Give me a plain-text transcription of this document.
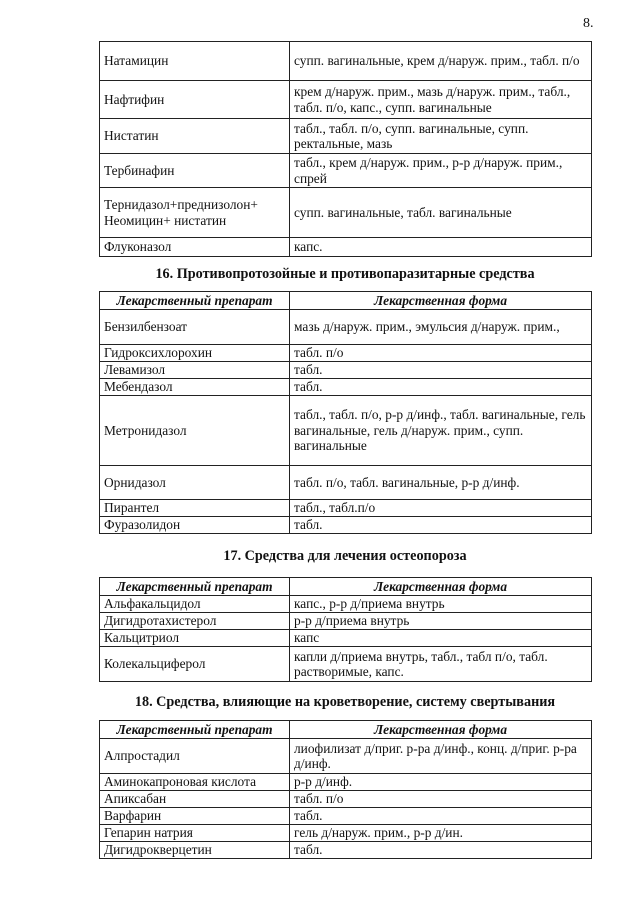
8.
Натамицин	супп. вагинальные, крем д/наруж. прим., табл. п/о
Нафтифин	крем д/наруж. прим., мазь д/наруж. прим., табл., табл. п/о, капс., супп. вагинальные
Нистатин	табл., табл. п/о, супп. вагинальные, супп. ректальные, мазь
Тербинафин	табл., крем д/наруж. прим., р-р д/наруж. прим., спрей
Тернидазол+преднизолон+ Неомицин+ нистатин	супп. вагинальные, табл. вагинальные
Флуконазол	капс.
16. Противопротозойные и противопаразитарные средства
Лекарственный препарат	Лекарственная форма
Бензилбензоат	мазь д/наруж. прим., эмульсия д/наруж. прим.,
Гидроксихлорохин	табл. п/о
Левамизол	табл.
Мебендазол	табл.
Метронидазол	табл., табл. п/о, р-р д/инф., табл. вагинальные, гель вагинальные, гель д/наруж. прим., супп. вагинальные
Орнидазол	табл. п/о, табл. вагинальные, р-р д/инф.
Пирантел	табл., табл.п/о
Фуразолидон	табл.
17. Средства для лечения остеопороза
Лекарственный препарат	Лекарственная форма
Альфакальцидол	капс., р-р д/приема внутрь
Дигидротахистерол	р-р д/приема внутрь
Кальцитриол	капс
Колекальциферол	капли д/приема внутрь, табл., табл п/о, табл. растворимые, капс.
18. Средства, влияющие на кроветворение, систему свертывания
Лекарственный препарат	Лекарственная форма
Алпростадил	лиофилизат д/приг. р-ра д/инф., конц. д/приг. р-ра д/инф.
Аминокапроновая кислота	р-р д/инф.
Апиксабан	табл. п/о
Варфарин	табл.
Гепарин натрия	гель д/наруж. прим., р-р д/ин.
Дигидрокверцетин	табл.
